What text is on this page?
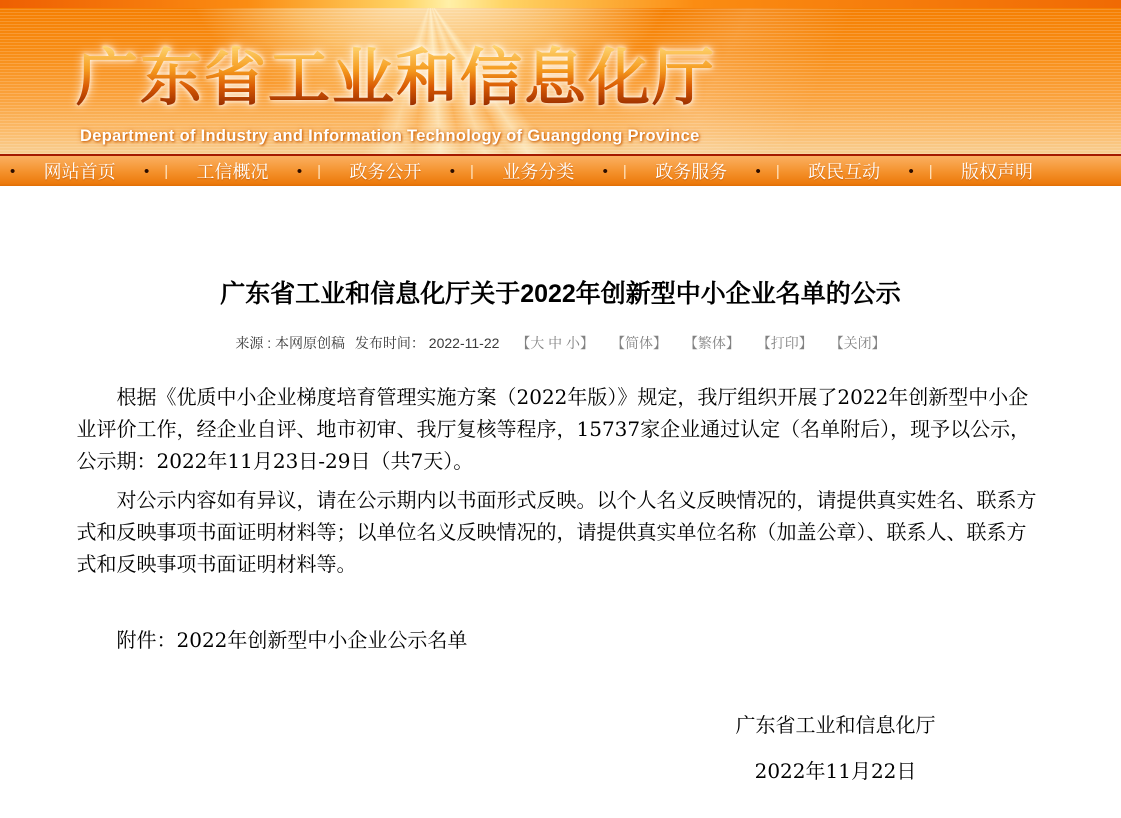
广东省工业和信息化厅
Department of Industry and Information Technology of Guangdong Province
• 网站首页 • | 工信概况 • | 政务公开 • | 业务分类 • | 政务服务 • | 政民互动 • | 版权声明
广东省工业和信息化厅关于2022年创新型中小企业名单的公示
来源 : 本网原创稿 发布时间： 2022-11-22 【大 中 小】 【简体】 【繁体】 【打印】 【关闭】

根据《优质中小企业梯度培育管理实施方案（2022年版）》规定，我厅组织开展了2022年创新型中小企业评价工作，经企业自评、地市初审、我厅复核等程序，15737家企业通过认定（名单附后），现予以公示，公示期：2022年11月23日-29日（共7天）。

对公示内容如有异议，请在公示期内以书面形式反映。以个人名义反映情况的，请提供真实姓名、联系方式和反映事项书面证明材料等；以单位名义反映情况的，请提供真实单位名称（加盖公章）、联系人、联系方式和反映事项书面证明材料等。

附件：2022年创新型中小企业公示名单
广东省工业和信息化厅
2022年11月22日
